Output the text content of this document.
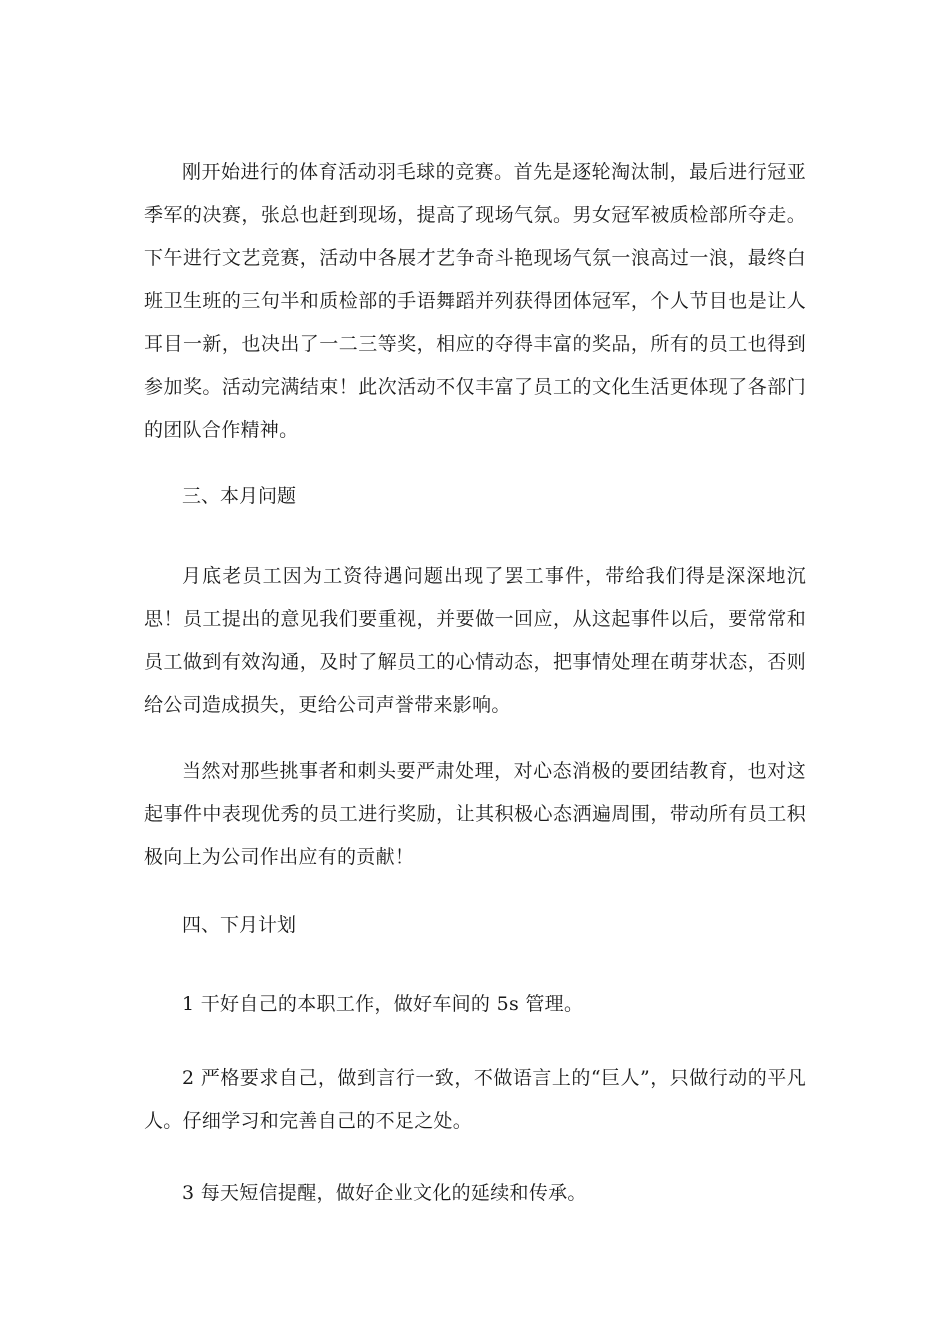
刚开始进行的体育活动羽毛球的竞赛。首先是逐轮淘汰制，最后进行冠亚季军的决赛，张总也赶到现场，提高了现场气氛。男女冠军被质检部所夺走。下午进行文艺竞赛，活动中各展才艺争奇斗艳现场气氛一浪高过一浪，最终白班卫生班的三句半和质检部的手语舞蹈并列获得团体冠军，个人节目也是让人耳目一新，也决出了一二三等奖，相应的夺得丰富的奖品，所有的员工也得到参加奖。活动完满结束！此次活动不仅丰富了员工的文化生活更体现了各部门的团队合作精神。

三、本月问题

月底老员工因为工资待遇问题出现了罢工事件，带给我们得是深深地沉思！员工提出的意见我们要重视，并要做一回应，从这起事件以后，要常常和员工做到有效沟通，及时了解员工的心情动态，把事情处理在萌芽状态，否则给公司造成损失，更给公司声誉带来影响。

当然对那些挑事者和刺头要严肃处理，对心态消极的要团结教育，也对这起事件中表现优秀的员工进行奖励，让其积极心态洒遍周围，带动所有员工积极向上为公司作出应有的贡献！

四、下月计划

1 干好自己的本职工作，做好车间的 5s 管理。

2 严格要求自己，做到言行一致，不做语言上的“巨人”，只做行动的平凡人。仔细学习和完善自己的不足之处。

3 每天短信提醒，做好企业文化的延续和传承。
